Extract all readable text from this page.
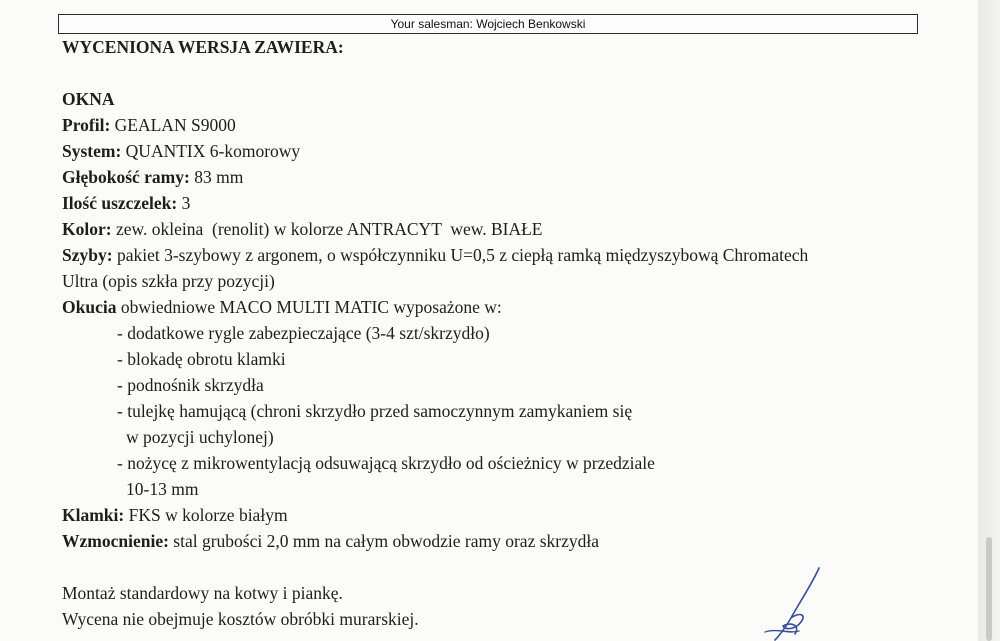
Your salesman: Wojciech Benkowski
WYCENIONA WERSJA ZAWIERA:
OKNA
Profil: GEALAN S9000
System: QUANTIX 6-komorowy
Głębokość ramy: 83 mm
Ilość uszczelek: 3
Kolor: zew. okleina  (renolit) w kolorze ANTRACYT  wew. BIAŁE
Szyby: pakiet 3-szybowy z argonem, o współczynniku U=0,5 z ciepłą ramką międzyszybową Chromatech
Ultra (opis szkła przy pozycji)
Okucia obwiedniowe MACO MULTI MATIC wyposażone w:
- dodatkowe rygle zabezpieczające (3-4 szt/skrzydło)
- blokadę obrotu klamki
- podnośnik skrzydła
- tulejkę hamującą (chroni skrzydło przed samoczynnym zamykaniem się
w pozycji uchylonej)
- nożycę z mikrowentylacją odsuwającą skrzydło od ościeżnicy w przedziale
10-13 mm
Klamki: FKS w kolorze białym
Wzmocnienie: stal grubości 2,0 mm na całym obwodzie ramy oraz skrzydła
Montaż standardowy na kotwy i piankę.
Wycena nie obejmuje kosztów obróbki murarskiej.
